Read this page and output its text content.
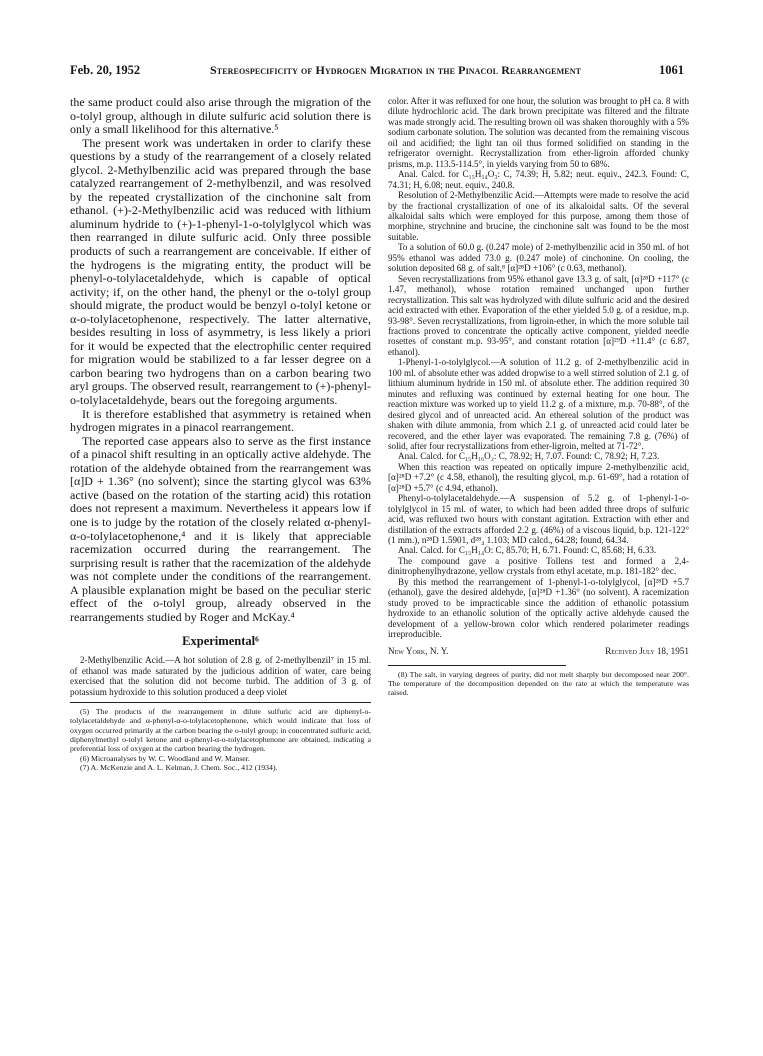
Feb. 20, 1952	Stereospecificity of Hydrogen Migration in the Pinacol Rearrangement	1061

the same product could also arise through the migration of the o-tolyl group, although in dilute sulfuric acid solution there is only a small likelihood for this alternative.⁵

The present work was undertaken in order to clarify these questions by a study of the rearrangement of a closely related glycol. 2-Methylbenzilic acid was prepared through the base catalyzed rearrangement of 2-methylbenzil, and was resolved by the repeated crystallization of the cinchonine salt from ethanol. (+)-2-Methylbenzilic acid was reduced with lithium aluminum hydride to (+)-1-phenyl-1-o-tolylglycol which was then rearranged in dilute sulfuric acid. Only three possible products of such a rearrangement are conceivable. If either of the hydrogens is the migrating entity, the product will be phenyl-o-tolylacetaldehyde, which is capable of optical activity; if, on the other hand, the phenyl or the o-tolyl group should migrate, the product would be benzyl o-tolyl ketone or α-o-tolylacetophenone, respectively. The latter alternative, besides resulting in loss of asymmetry, is less likely a priori for it would be expected that the electrophilic center required for migration would be stabilized to a far lesser degree on a carbon bearing two hydrogens than on a carbon bearing two aryl groups. The observed result, rearrangement to (+)-phenyl-o-tolylacetaldehyde, bears out the foregoing arguments.

It is therefore established that asymmetry is retained when hydrogen migrates in a pinacol rearrangement.

The reported case appears also to serve as the first instance of a pinacol shift resulting in an optically active aldehyde. The rotation of the aldehyde obtained from the rearrangement was [α]D + 1.36° (no solvent); since the starting glycol was 63% active (based on the rotation of the starting acid) this rotation does not represent a maximum. Nevertheless it appears low if one is to judge by the rotation of the closely related α-phenyl-α-o-tolylacetophenone,⁴ and it is likely that appreciable racemization occurred during the rearrangement. The surprising result is rather that the racemization of the aldehyde was not complete under the conditions of the rearrangement. A plausible explanation might be based on the peculiar steric effect of the o-tolyl group, already observed in the rearrangements studied by Roger and McKay.⁴

Experimental⁶

2-Methylbenzilic Acid.—A hot solution of 2.8 g. of 2-methylbenzil⁷ in 15 ml. of ethanol was made saturated by the judicious addition of water, care being exercised that the solution did not become turbid. The addition of 3 g. of potassium hydroxide to this solution produced a deep violet

(5) The products of the rearrangement in dilute sulfuric acid are diphenyl-o-tolylacetaldehyde and α-phenyl-α-o-tolylacetophenone, which would indicate that loss of oxygen occurred primarily at the carbon bearing the o-tolyl group; in concentrated sulfuric acid, diphenylmethyl o-tolyl ketone and α-phenyl-α-o-tolylacetophenone are obtained, indicating a preferential loss of oxygen at the carbon bearing the hydrogen.

(6) Microanalyses by W. C. Woodland and W. Manser.

(7) A. McKenzie and A. L. Kelman, J. Chem. Soc., 412 (1934).

color. After it was refluxed for one hour, the solution was brought to pH ca. 8 with dilute hydrochloric acid. The dark brown precipitate was filtered and the filtrate was made strongly acid. The resulting brown oil was shaken thoroughly with a 5% sodium carbonate solution. The solution was decanted from the remaining viscous oil and acidified; the light tan oil thus formed solidified on standing in the refrigerator overnight. Recrystallization from ether-ligroin afforded chunky prisms, m.p. 113.5-114.5°, in yields varying from 50 to 68%.

Anal. Calcd. for C₁₅H₁₄O₃: C, 74.39; H, 5.82; neut. equiv., 242.3. Found: C, 74.31; H, 6.08; neut. equiv., 240.8.

Resolution of 2-Methylbenzilic Acid.—Attempts were made to resolve the acid by the fractional crystallization of one of its alkaloidal salts. Of the several alkaloidal salts which were employed for this purpose, among them those of morphine, strychnine and brucine, the cinchonine salt was found to be the most suitable.

To a solution of 60.0 g. (0.247 mole) of 2-methylbenzilic acid in 350 ml. of hot 95% ethanol was added 73.0 g. (0.247 mole) of cinchonine. On cooling, the solution deposited 68 g. of salt,⁸ [α]²⁸D +106° (c 0.63, methanol).

Seven recrystallizations from 95% ethanol gave 13.3 g. of salt, [α]²⁸D +117° (c 1.47, methanol), whose rotation remained unchanged upon further recrystallization. This salt was hydrolyzed with dilute sulfuric acid and the desired acid extracted with ether. Evaporation of the ether yielded 5.0 g. of a residue, m.p. 93-98°. Seven recrystallizations, from ligroin-ether, in which the more soluble tail fractions proved to concentrate the optically active component, yielded needle rosettes of constant m.p. 93-95°, and constant rotation [α]²⁹D +11.4° (c 6.87, ethanol).

1-Phenyl-1-o-tolylglycol.—A solution of 11.2 g. of 2-methylbenzilic acid in 100 ml. of absolute ether was added dropwise to a well stirred solution of 2.1 g. of lithium aluminum hydride in 150 ml. of absolute ether. The addition required 30 minutes and refluxing was continued by external heating for one hour. The reaction mixture was worked up to yield 11.2 g. of a mixture, m.p. 70-88°, of the desired glycol and of unreacted acid. An ethereal solution of the product was shaken with dilute ammonia, from which 2.1 g. of unreacted acid could later be recovered, and the ether layer was evaporated. The remaining 7.8 g. (76%) of solid, after four recrystallizations from ether-ligroin, melted at 71-72°.

Anal. Calcd. for C₁₅H₁₆O₂: C, 78.92; H, 7.07. Found: C, 78.92; H, 7.23.

When this reaction was repeated on optically impure 2-methylbenzilic acid, [α]²⁸D +7.2° (c 4.58, ethanol), the resulting glycol, m.p. 61-69°, had a rotation of [α]²⁸D +5.7° (c 4.94, ethanol).

Phenyl-o-tolylacetaldehyde.—A suspension of 5.2 g. of 1-phenyl-1-o-tolylglycol in 15 ml. of water, to which had been added three drops of sulfuric acid, was refluxed two hours with constant agitation. Extraction with ether and distillation of the extracts afforded 2.2 g. (46%) of a viscous liquid, b.p. 121-122° (1 mm.), n²⁸D 1.5901, d²⁸₄ 1.103; MD calcd., 64.28; found, 64.34.

Anal. Calcd. for C₁₅H₁₄O: C, 85.70; H, 6.71. Found: C, 85.68; H, 6.33.

The compound gave a positive Tollens test and formed a 2,4-dinitrophenylhydrazone, yellow crystals from ethyl acetate, m.p. 181-182° dec.

By this method the rearrangement of 1-phenyl-1-o-tolylglycol, [α]²⁸D +5.7 (ethanol), gave the desired aldehyde, [α]²⁸D +1.36° (no solvent). A racemization study proved to be impracticable since the addition of ethanolic potassium hydroxide to an ethanolic solution of the optically active aldehyde caused the development of a yellow-brown color which rendered polarimeter readings irreproducible.

New York, N. Y.	Received July 18, 1951

(8) The salt, in varying degrees of purity, did not melt sharply but decomposed near 200°. The temperature of the decomposition depended on the rate at which the temperature was raised.
